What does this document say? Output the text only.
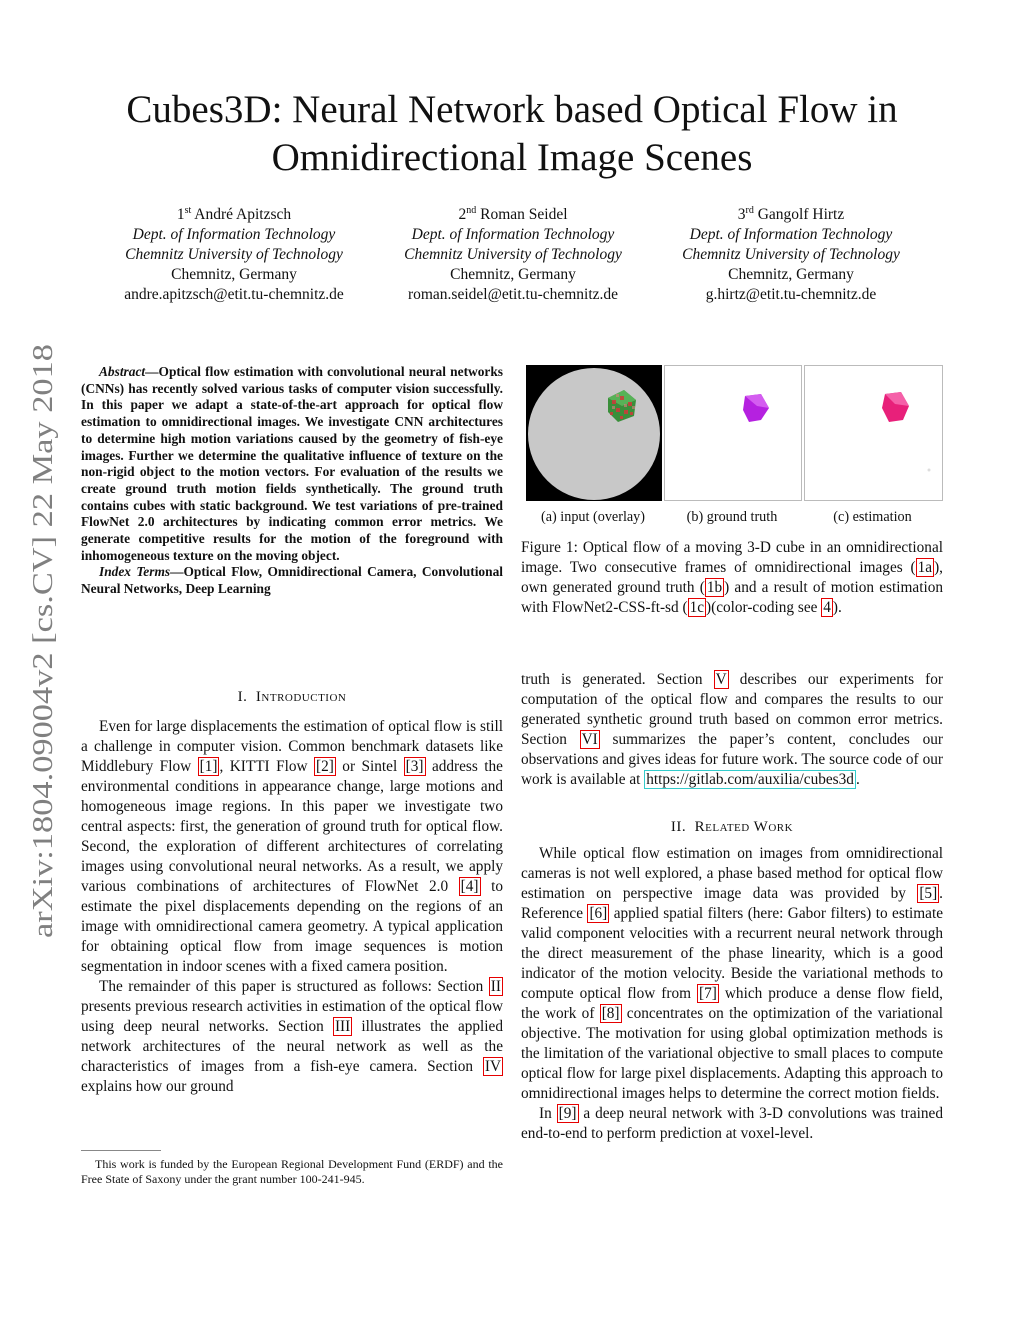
arXiv:1804.09004v2 [cs.CV] 22 May 2018
Cubes3D: Neural Network based Optical Flow in
Omnidirectional Image Scenes
1st André Apitzsch
Dept. of Information Technology
Chemnitz University of Technology
Chemnitz, Germany
andre.apitzsch@etit.tu-chemnitz.de
2nd Roman Seidel
Dept. of Information Technology
Chemnitz University of Technology
Chemnitz, Germany
roman.seidel@etit.tu-chemnitz.de
3rd Gangolf Hirtz
Dept. of Information Technology
Chemnitz University of Technology
Chemnitz, Germany
g.hirtz@etit.tu-chemnitz.de
Abstract—Optical flow estimation with convolutional neural networks (CNNs) has recently solved various tasks of computer vision successfully. In this paper we adapt a state-of-the-art approach for optical flow estimation to omnidirectional images. We investigate CNN architectures to determine high motion variations caused by the geometry of fish-eye images. Further we determine the qualitative influence of texture on the non-rigid object to the motion vectors. For evaluation of the results we create ground truth motion fields synthetically. The ground truth contains cubes with static background. We test variations of pre-trained FlowNet 2.0 architectures by indicating common error metrics. We generate competitive results for the motion of the foreground with inhomogeneous texture on the moving object.
Index Terms—Optical Flow, Omnidirectional Camera, Convolutional Neural Networks, Deep Learning
I. Introduction

Even for large displacements the estimation of optical flow is still a challenge in computer vision. Common benchmark datasets like Middlebury Flow [1] , KITTI Flow [2] or Sintel [3] address the environmental conditions in appearance change, large motions and homogeneous image regions. In this paper we investigate two central aspects: first, the generation of ground truth for optical flow. Second, the exploration of different architectures of correlating images using convolutional neural networks. As a result, we apply various combinations of architectures of FlowNet 2.0 [4] to estimate the pixel displacements depending on the regions of an image with omnidirectional camera geometry. A typical application for obtaining optical flow from image sequences is motion segmentation in indoor scenes with a fixed camera position.

The remainder of this paper is structured as follows: Section II presents previous research activities in estimation of the optical flow using deep neural networks. Section III illustrates the applied network architectures of the neural network as well as the characteristics of images from a fish-eye camera. Section IV explains how our ground

This work is funded by the European Regional Development Fund (ERDF) and the Free State of Saxony under the grant number 100-241-945.
(a) input (overlay)	(b) ground truth	(c) estimation
Figure 1: Optical flow of a moving 3-D cube in an omnidirectional image. Two consecutive frames of omnidirectional images ( 1a ), own generated ground truth ( 1b ) and a result of motion estimation with FlowNet2-CSS-ft-sd ( 1c )(color-coding see 4 ).
truth is generated. Section V describes our experiments for computation of the optical flow and compares the results to our generated synthetic ground truth based on common error metrics. Section VI summarizes the paper’s content, concludes our observations and gives ideas for future work. The source code of our work is available at https://gitlab.com/auxilia/cubes3d .
II. Related Work

While optical flow estimation on images from omnidirectional cameras is not well explored, a phase based method for optical flow estimation on perspective image data was provided by [5] . Reference [6] applied spatial filters (here: Gabor filters) to estimate valid component velocities with a recurrent neural network through the direct measurement of the phase linearity, which is a good indicator of the motion velocity. Beside the variational methods to compute optical flow from [7] which produce a dense flow field, the work of [8] concentrates on the optimization of the variational objective. The motivation for using global optimization methods is the limitation of the variational objective to small places to compute optical flow for large pixel displacements. Adapting this approach to omnidirectional images helps to determine the correct motion fields.

In [9] a deep neural network with 3-D convolutions was trained end-to-end to perform prediction at voxel-level.
